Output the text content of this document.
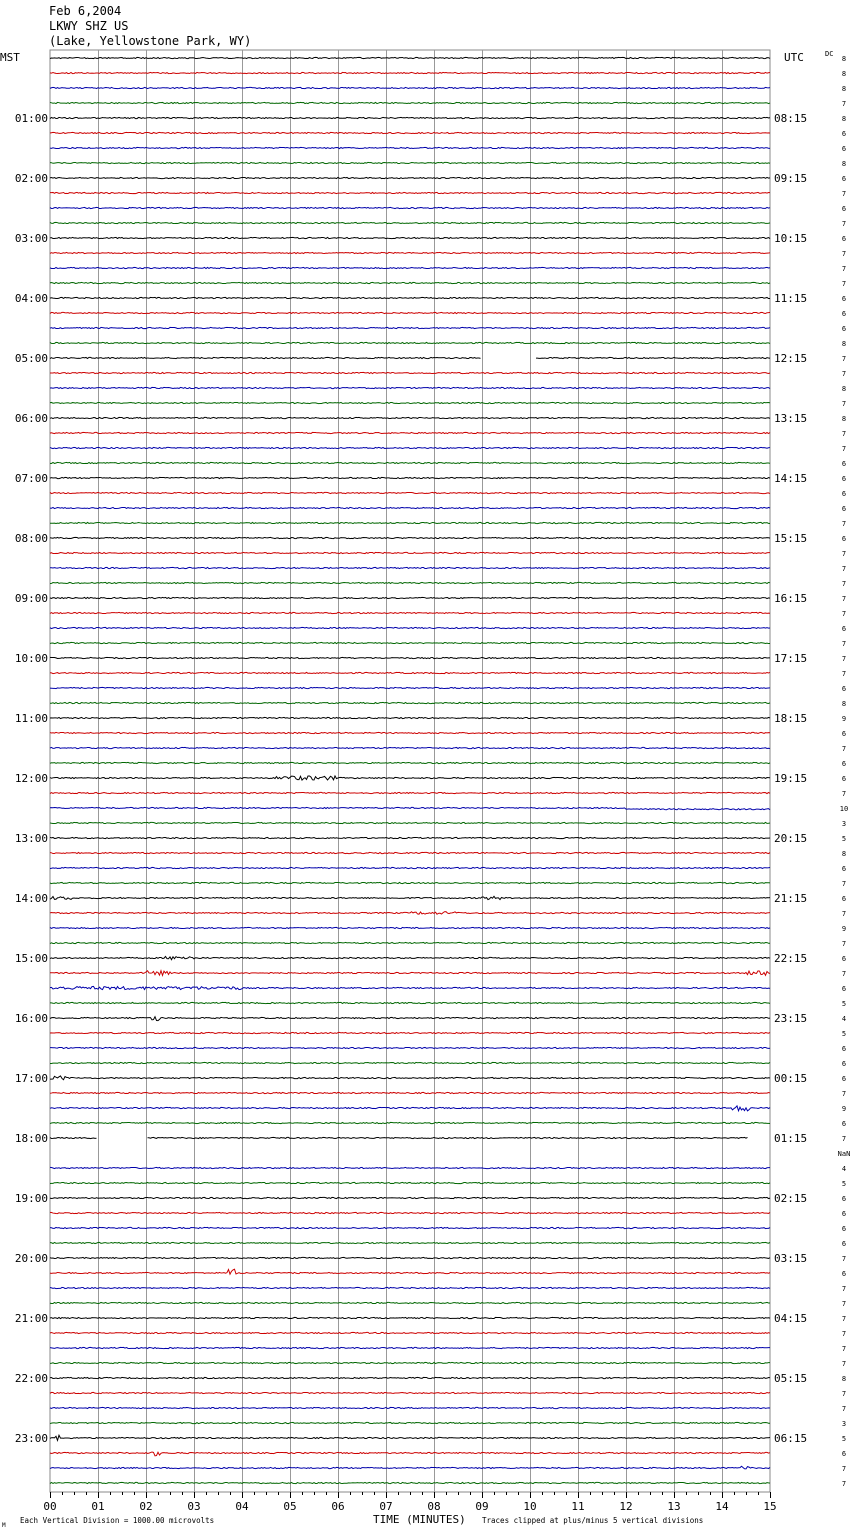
Feb 6,2004
LKWY SHZ US
(Lake, Yellowstone Park, WY)
MST	UTC	DC
01:00
02:00
03:00
04:00
05:00
06:00
07:00
08:00
09:00
10:00
11:00
12:00
13:00
14:00
15:00
16:00
17:00
18:00
19:00
20:00
21:00
22:00
23:00
08:15
09:15
10:15
11:15
12:15
13:15
14:15
15:15
16:15
17:15
18:15
19:15
20:15
21:15
22:15
23:15
00:15
01:15
02:15
03:15
04:15
05:15
06:15
8
8
8
7
8
6
6
8
6
7
6
7
6
7
7
7
6
6
6
8
7
7
8
7
8
7
7
6
6
6
6
7
6
7
7
7
7
7
6
7
7
7
6
8
9
6
7
6
6
7
10
3
5
8
6
7
6
7
9
7
6
7
6
5
4
5
6
6
6
7
9
6
7
NaN
4
5
6
6
6
6
7
6
7
7
7
7
7
7
8
7
7
3
5
6
7
7
00	01	02	03	04	05	06	07	08	09	10	11	12	13	14	15
TIME (MINUTES)
M
Each Vertical Division = 1000.00 microvolts	Traces clipped at plus/minus 5 vertical divisions
